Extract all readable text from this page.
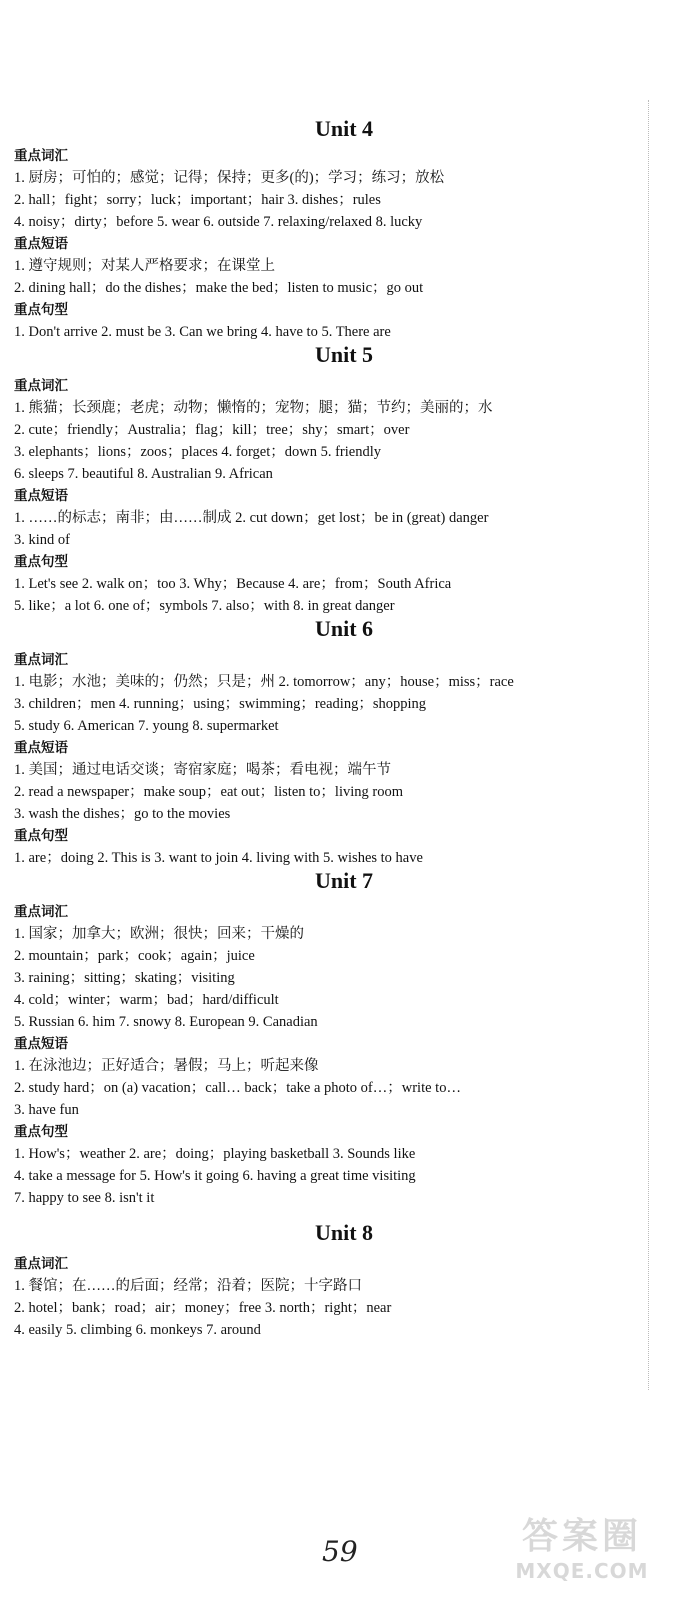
Unit 4
重点词汇
1. 厨房；可怕的；感觉；记得；保持；更多(的)；学习；练习；放松
2. hall；fight；sorry；luck；important；hair 3. dishes；rules
4. noisy；dirty；before 5. wear 6. outside 7. relaxing/relaxed 8. lucky
重点短语
1. 遵守规则；对某人严格要求；在课堂上
2. dining hall；do the dishes；make the bed；listen to music；go out
重点句型
1. Don't arrive 2. must be 3. Can we bring 4. have to 5. There are
Unit 5
重点词汇
1. 熊猫；长颈鹿；老虎；动物；懒惰的；宠物；腿；猫；节约；美丽的；水
2. cute；friendly；Australia；flag；kill；tree；shy；smart；over
3. elephants；lions；zoos；places 4. forget；down 5. friendly
6. sleeps 7. beautiful 8. Australian 9. African
重点短语
1. ……的标志；南非；由……制成 2. cut down；get lost；be in (great) danger
3. kind of
重点句型
1. Let's see 2. walk on；too 3. Why；Because 4. are；from；South Africa
5. like；a lot 6. one of；symbols 7. also；with 8. in great danger
Unit 6
重点词汇
1. 电影；水池；美味的；仍然；只是；州 2. tomorrow；any；house；miss；race
3. children；men 4. running；using；swimming；reading；shopping
5. study 6. American 7. young 8. supermarket
重点短语
1. 美国；通过电话交谈；寄宿家庭；喝茶；看电视；端午节
2. read a newspaper；make soup；eat out；listen to；living room
3. wash the dishes；go to the movies
重点句型
1. are；doing 2. This is 3. want to join 4. living with 5. wishes to have
Unit 7
重点词汇
1. 国家；加拿大；欧洲；很快；回来；干燥的
2. mountain；park；cook；again；juice
3. raining；sitting；skating；visiting
4. cold；winter；warm；bad；hard/difficult
5. Russian 6. him 7. snowy 8. European 9. Canadian
重点短语
1. 在泳池边；正好适合；暑假；马上；听起来像
2. study hard；on (a) vacation；call… back；take a photo of…；write to…
3. have fun
重点句型
1. How's；weather 2. are；doing；playing basketball 3. Sounds like
4. take a message for 5. How's it going 6. having a great time visiting
7. happy to see 8. isn't it
Unit 8
重点词汇
1. 餐馆；在……的后面；经常；沿着；医院；十字路口
2. hotel；bank；road；air；money；free 3. north；right；near
4. easily 5. climbing 6. monkeys 7. around
59	答案圈
MXQE.COM
